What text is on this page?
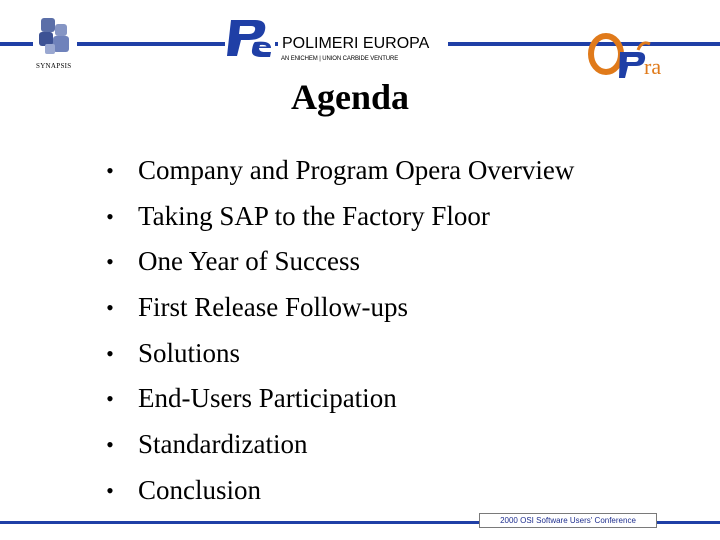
SYNAPSIS
POLIMERI EUROPA
AN ENICHEM | UNION CARBIDE VENTURE	ra
Agenda
• Company and Program Opera Overview
• Taking SAP to the Factory Floor
• One Year of Success
• First Release Follow-ups
• Solutions
• End-Users Participation
• Standardization
• Conclusion
2000 OSI Software Users' Conference
